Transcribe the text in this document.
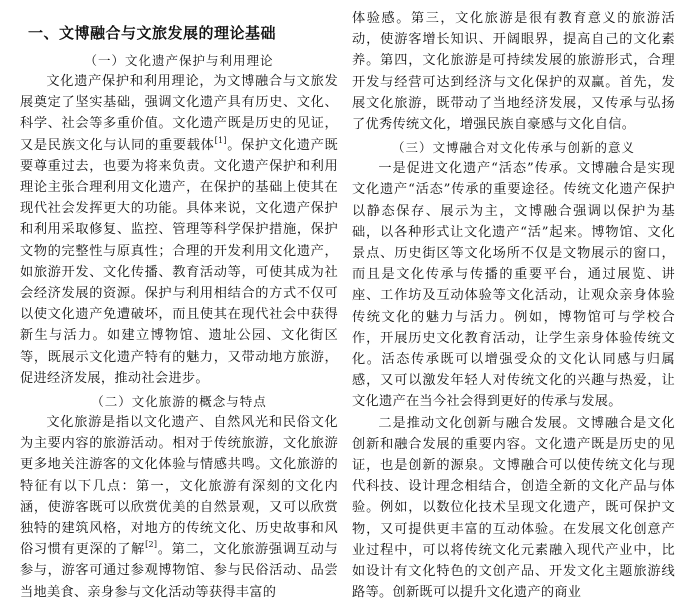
一、文博融合与文旅发展的理论基础
（一）文化遗产保护与利用理论

文化遗产保护和利用理论，为文博融合与文旅发展奠定了坚实基础，强调文化遗产具有历史、文化、科学、社会等多重价值。文化遗产既是历史的见证，又是民族文化与认同的重要载体[1]。保护文化遗产既要尊重过去，也要为将来负责。文化遗产保护和利用理论主张合理利用文化遗产，在保护的基础上使其在现代社会发挥更大的功能。具体来说，文化遗产保护和利用采取修复、监控、管理等科学保护措施，保护文物的完整性与原真性；合理的开发利用文化遗产，如旅游开发、文化传播、教育活动等，可使其成为社会经济发展的资源。保护与利用相结合的方式不仅可以使文化遗产免遭破坏，而且使其在现代社会中获得新生与活力。如建立博物馆、遗址公园、文化街区等，既展示文化遗产特有的魅力，又带动地方旅游，促进经济发展，推动社会进步。

（二）文化旅游的概念与特点

文化旅游是指以文化遗产、自然风光和民俗文化为主要内容的旅游活动。相对于传统旅游，文化旅游更多地关注游客的文化体验与情感共鸣。文化旅游的特征有以下几点：第一，文化旅游有深刻的文化内涵，使游客既可以欣赏优美的自然景观，又可以欣赏独特的建筑风格，对地方的传统文化、历史故事和风俗习惯有更深的了解[2]。第二，文化旅游强调互动与参与，游客可通过参观博物馆、参与民俗活动、品尝当地美食、亲身参与文化活动等获得丰富的

体验感。第三，文化旅游是很有教育意义的旅游活动，使游客增长知识、开阔眼界，提高自己的文化素养。第四，文化旅游是可持续发展的旅游形式，合理开发与经营可达到经济与文化保护的双赢。首先，发展文化旅游，既带动了当地经济发展，又传承与弘扬了优秀传统文化，增强民族自豪感与文化自信。

（三）文博融合对文化传承与创新的意义

一是促进文化遗产“活态”传承。文博融合是实现文化遗产“活态”传承的重要途径。传统文化遗产保护以静态保存、展示为主，文博融合强调以保护为基础，以各种形式让文化遗产“活”起来。博物馆、文化景点、历史街区等文化场所不仅是文物展示的窗口，而且是文化传承与传播的重要平台，通过展览、讲座、工作坊及互动体验等文化活动，让观众亲身体验传统文化的魅力与活力。例如，博物馆可与学校合作，开展历史文化教育活动，让学生亲身体验传统文化。活态传承既可以增强受众的文化认同感与归属感，又可以激发年轻人对传统文化的兴趣与热爱，让文化遗产在当今社会得到更好的传承与发展。

二是推动文化创新与融合发展。文博融合是文化创新和融合发展的重要内容。文化遗产既是历史的见证，也是创新的源泉。文博融合可以使传统文化与现代科技、设计理念相结合，创造全新的文化产品与体验。例如，以数位化技术呈现文化遗产，既可保护文物，又可提供更丰富的互动体验。在发展文化创意产业过程中，可以将传统文化元素融入现代产业中，比如设计有文化特色的文创产品、开发文化主题旅游线路等。创新既可以提升文化遗产的商业
